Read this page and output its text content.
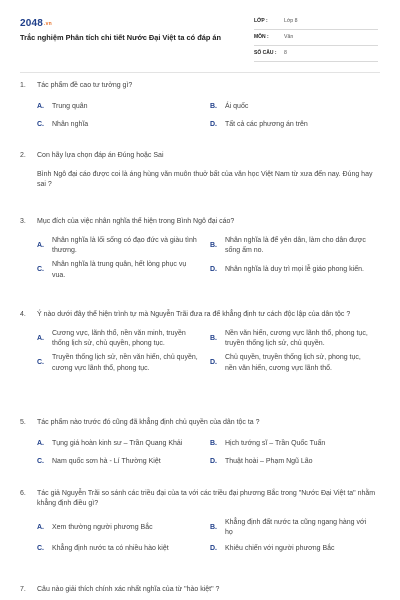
$2048^{.vn}$
Trắc nghiệm Phân tích chi tiết Nước Đại Việt ta có đáp án
LỚP :	Lớp 8
MÔN :	Văn
SỐ CÂU :	8
1.	Tác phẩm đề cao tư tưởng gì?
A.	Trung quân	B.	Ái quốc
C.	Nhân nghĩa	D.	Tất cả các phương án trên
2.	Con hãy lựa chọn đáp án Đúng hoặc Sai
Bình Ngô đại cáo được coi là áng hùng văn muôn thuở bất của văn học Việt Nam từ xưa đến nay. Đúng hay sai ?
3.	Mục đích của việc nhân nghĩa thể hiện trong Bình Ngô đại cáo?
A.
Nhân nghĩa là lối sống có đạo đức và giàu tình thương.
B.
Nhân nghĩa là để yên dân, làm cho dân được sống ấm no.
C.
Nhân nghĩa là trung quân, hết lòng phục vụ vua.
D.	Nhân nghĩa là duy trì mọi lễ giáo phong kiến.
4.	Ý nào dưới đây thể hiện trình tự mà Nguyễn Trãi đưa ra để khẳng định tư cách độc lập của dân tộc ?
A.
Cương vực, lãnh thổ, nền văn minh, truyền thống lịch sử, chủ quyền, phong tục.
B.
Nền văn hiến, cương vực lãnh thổ, phong tục, truyền thống lịch sử, chủ quyền.
C.
Truyền thống lịch sử, nền văn hiến, chủ quyền, cương vực lãnh thổ, phong tục.
D.
Chủ quyền, truyền thống lịch sử, phong tục, nền văn hiến, cương vực lãnh thổ.
5.	Tác phẩm nào trước đó cũng đã khẳng định chủ quyền của dân tộc ta ?
A.	Tụng giá hoàn kinh sư – Trần Quang Khải	B.	Hịch tướng sĩ – Trần Quốc Tuấn
C.	Nam quốc sơn hà - Lí Thường Kiệt	D.	Thuật hoài – Phạm Ngũ Lão
6.	Tác giả Nguyễn Trãi so sánh các triều đại của ta với các triều đại phương Bắc trong "Nước Đại Việt ta" nhằm khẳng định điều gì?
A.	Xem thường người phương Bắc	B.
Khẳng định đất nước ta cũng ngang hàng với họ
C.	Khẳng định nước ta có nhiều hào kiệt	D.	Khiêu chiến với người phương Bắc
7.	Câu nào giải thích chính xác nhất nghĩa của từ "hào kiệt" ?
